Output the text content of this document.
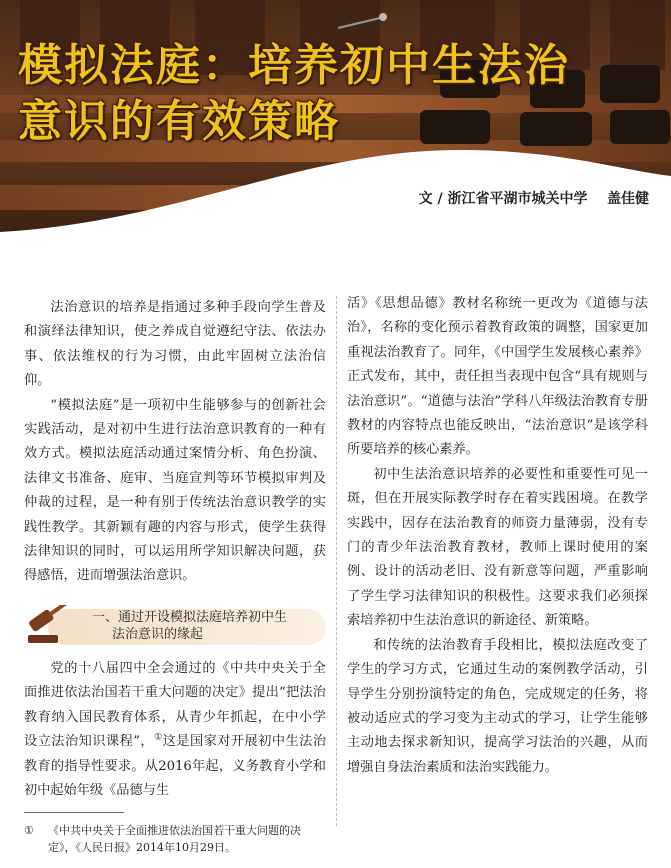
模拟法庭：培养初中生法治
意识的有效策略
文 / 浙江省平湖市城关中学    盖佳健

法治意识的培养是指通过多种手段向学生普及和演绎法律知识，使之养成自觉遵纪守法、依法办事、依法维权的行为习惯，由此牢固树立法治信仰。

“模拟法庭”是一项初中生能够参与的创新社会实践活动，是对初中生进行法治意识教育的一种有效方式。模拟法庭活动通过案情分析、角色扮演、法律文书准备、庭审、当庭宣判等环节模拟审判及仲裁的过程，是一种有别于传统法治意识教学的实践性教学。其新颖有趣的内容与形式，使学生获得法律知识的同时，可以运用所学知识解决问题，获得感悟，进而增强法治意识。

一、通过开设模拟法庭培养初中生
法治意识的缘起

党的十八届四中全会通过的《中共中央关于全面推进依法治国若干重大问题的决定》提出“把法治教育纳入国民教育体系，从青少年抓起，在中小学设立法治知识课程”，①这是国家对开展初中生法治教育的指导性要求。从2016年起，义务教育小学和初中起始年级《品德与生

活》《思想品德》教材名称统一更改为《道德与法治》，名称的变化预示着教育政策的调整，国家更加重视法治教育了。同年，《中国学生发展核心素养》正式发布，其中，责任担当表现中包含“具有规则与法治意识”。“道德与法治”学科八年级法治教育专册教材的内容特点也能反映出，“法治意识”是该学科所要培养的核心素养。

初中生法治意识培养的必要性和重要性可见一斑，但在开展实际教学时存在着实践困境。在教学实践中，因存在法治教育的师资力量薄弱，没有专门的青少年法治教育教材，教师上课时使用的案例、设计的活动老旧、没有新意等问题，严重影响了学生学习法律知识的积极性。这要求我们必须探索培养初中生法治意识的新途径、新策略。

和传统的法治教育手段相比，模拟法庭改变了学生的学习方式，它通过生动的案例教学活动，引导学生分别扮演特定的角色，完成规定的任务，将被动适应式的学习变为主动式的学习，让学生能够主动地去探求新知识，提高学习法治的兴趣，从而增强自身法治素质和法治实践能力。

①	《中共中央关于全面推进依法治国若干重大问题的决定》，《人民日报》2014年10月29日。
